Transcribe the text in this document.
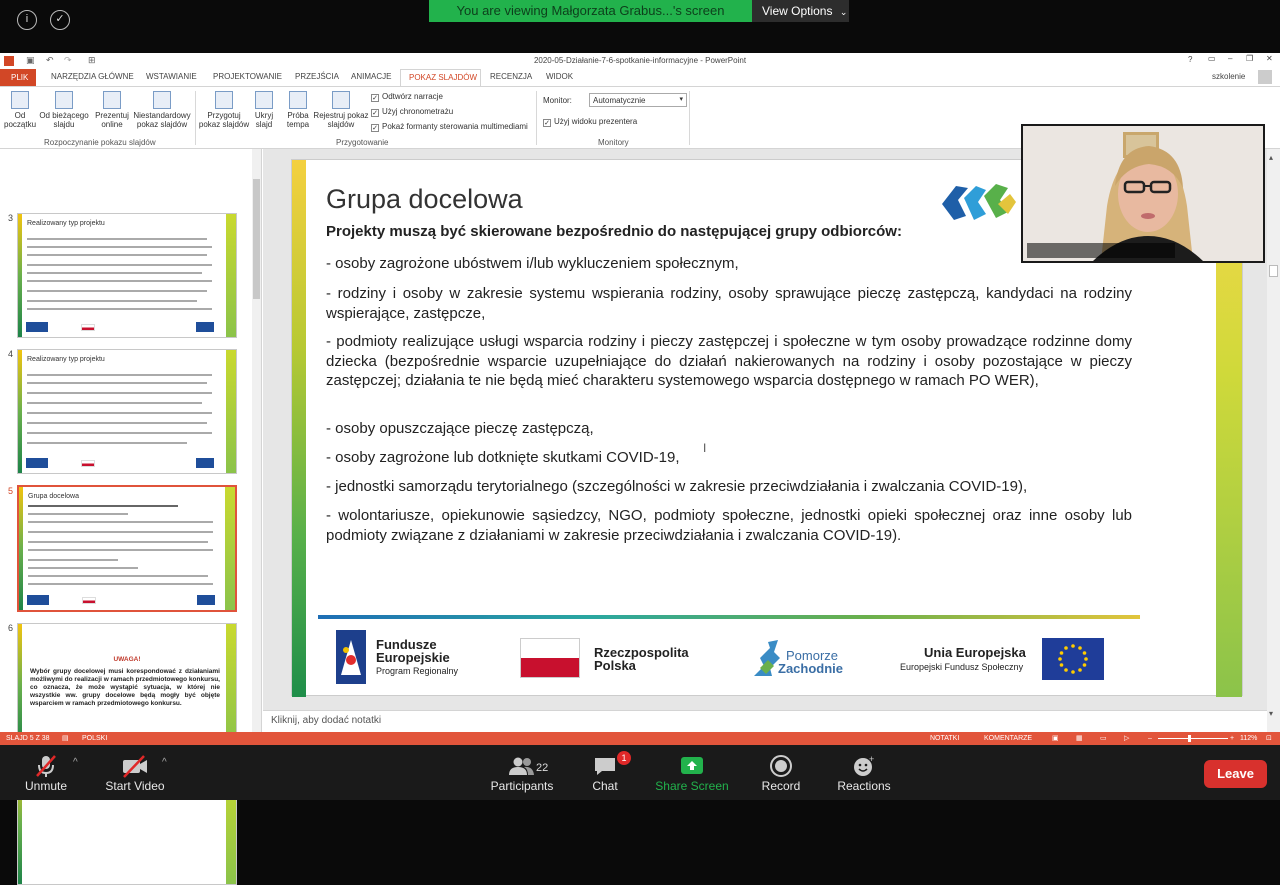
i	✓
You are viewing Małgorzata Grabus...'s screen	View Options ⌄
▣ ↶ ↷ ⊞	2020-05-Działanie-7-6-spotkanie-informacyjne - PowerPoint	? ▭ – ❐ ✕
PLIK	NARZĘDZIA GŁÓWNE WSTAWIANIE PROJEKTOWANIE PRZEJŚCIA ANIMACJE POKAZ SLAJDÓW RECENZJA WIDOK	szkolenie
Od
początku
Od bieżącego
slajdu
Prezentuj
online
Niestandardowy
pokaz slajdów
Rozpoczynanie pokazu slajdów
Przygotuj
pokaz slajdów
Ukryj
slajd
Próba
tempa
Rejestruj pokaz
slajdów
✓ Odtwórz narracje
✓ Użyj chronometrażu
✓ Pokaż formanty sterowania multimediami
Przygotowanie
Monitor:	Automatycznie	▾
✓ Użyj widoku prezentera
Monitory
3
Realizowany typ projektu
4
Realizowany typ projektu
5
Grupa docelowa
6
UWAGA!
Wybór grupy docelowej musi korespondować z działaniami możliwymi do realizacji w ramach przedmiotowego konkursu, co oznacza, że może wystąpić sytuacja, w której nie wszystkie ww. grupy docelowe będą mogły być objęte wsparciem w ramach przedmiotowego konkursu.
Grupa docelowa
Projekty muszą być skierowane bezpośrednio do następującej grupy odbiorców:
- osoby zagrożone ubóstwem i/lub wykluczeniem społecznym,
- rodziny i osoby w zakresie systemu wspierania rodziny, osoby sprawujące pieczę zastępczą, kandydaci na rodziny wspierające, zastępcze,
- podmioty realizujące usługi wsparcia rodziny i pieczy zastępczej i społeczne w tym osoby prowadzące rodzinne domy dziecka (bezpośrednie wsparcie uzupełniające do działań nakierowanych na rodziny i osoby pozostające w pieczy zastępczej; działania te nie będą mieć charakteru systemowego wsparcia dostępnego w ramach PO WER),
- osoby opuszczające pieczę zastępczą,
- osoby zagrożone lub dotknięte skutkami COVID-19,
- jednostki samorządu terytorialnego (szczególności w zakresie przeciwdziałania i zwalczania COVID-19),
- wolontariusze, opiekunowie sąsiedzcy, NGO, podmioty społeczne, jednostki opieki społecznej oraz inne osoby lub podmioty związane z działaniami w zakresie przeciwdziałania i zwalczania COVID-19).
Fundusze
Europejskie
Program Regionalny
Rzeczpospolita
Polska
Pomorze
Zachodnie
Unia Europejska
Europejski Fundusz Społeczny
I
Kliknij, aby dodać notatki
▴
▾
SLAJD 5 Z 38 ▤ POLSKI	NOTATKI	KOMENTARZE	▣ ▦ ▭ ▷	–	+ 112% ⊡
Unmute
^
Start Video
^	22
Participants
1
Chat	Share Screen	Record
+
Reactions
Leave
